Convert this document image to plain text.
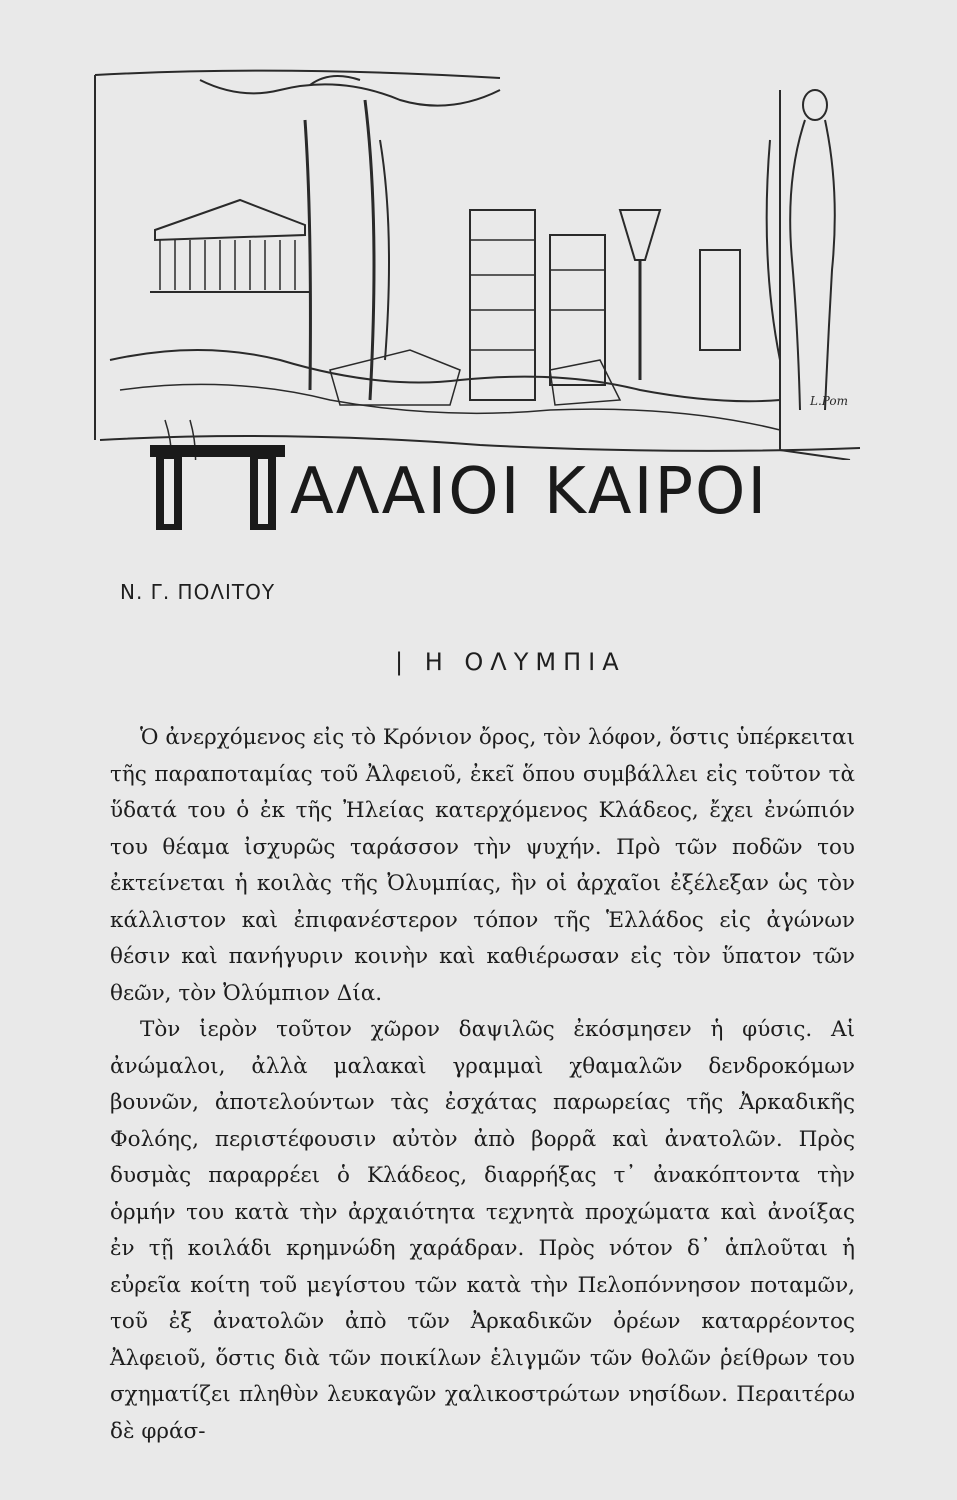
L.Pom
ΑΛΑΙΟΙ ΚΑΙΡΟΙ
Ν. Γ. ΠΟΛΙΤΟΥ
| Η ΟΛΥΜΠΙΑ

Ὁ ἀνερχόμενος εἰς τὸ Κρόνιον ὄρος, τὸν λόφον, ὅστις ὑπέρκειται τῆς παραποταμίας τοῦ Ἀλφειοῦ, ἐκεῖ ὅπου συμβάλλει εἰς τοῦτον τὰ ὕδατά του ὁ ἐκ τῆς Ἠλείας κατερχόμενος Κλάδεος, ἔχει ἐνώπιόν του θέαμα ἰσχυρῶς ταράσσον τὴν ψυχήν. Πρὸ τῶν ποδῶν του ἐκτείνεται ἡ κοιλὰς τῆς Ὀλυμπίας, ἣν οἱ ἀρχαῖοι ἐξέλεξαν ὡς τὸν κάλλιστον καὶ ἐπιφανέστερον τόπον τῆς Ἑλλάδος εἰς ἀγώνων θέσιν καὶ πανήγυριν κοινὴν καὶ καθιέρωσαν εἰς τὸν ὕπατον τῶν θεῶν, τὸν Ὀλύμπιον Δία.

Τὸν ἱερὸν τοῦτον χῶρον δαψιλῶς ἐκόσμησεν ἡ φύσις. Αἱ ἀνώμαλοι, ἀλλὰ μαλακαὶ γραμμαὶ χθαμαλῶν δενδροκόμων βουνῶν, ἀποτελούντων τὰς ἐσχάτας παρωρείας τῆς Ἀρκαδικῆς Φολόης, περιστέφουσιν αὐτὸν ἀπὸ βορρᾶ καὶ ἀνατολῶν. Πρὸς δυσμὰς παραρρέει ὁ Κλάδεος, διαρρήξας τ᾽ ἀνακόπτοντα τὴν ὁρμήν του κατὰ τὴν ἀρχαιότητα τεχνητὰ προχώματα καὶ ἀνοίξας ἐν τῇ κοιλάδι κρημνώδη χαράδραν. Πρὸς νότον δ᾽ ἁπλοῦται ἡ εὐρεῖα κοίτη τοῦ μεγίστου τῶν κατὰ τὴν Πελοπόννησον ποταμῶν, τοῦ ἐξ ἀνατολῶν ἀπὸ τῶν Ἀρκαδικῶν ὀρέων καταρρέοντος Ἀλφειοῦ, ὅστις διὰ τῶν ποικίλων ἑλιγμῶν τῶν θολῶν ῥείθρων του σχηματίζει πληθὺν λευκαγῶν χαλικοστρώτων νησίδων. Περαιτέρω δὲ φράσ-
